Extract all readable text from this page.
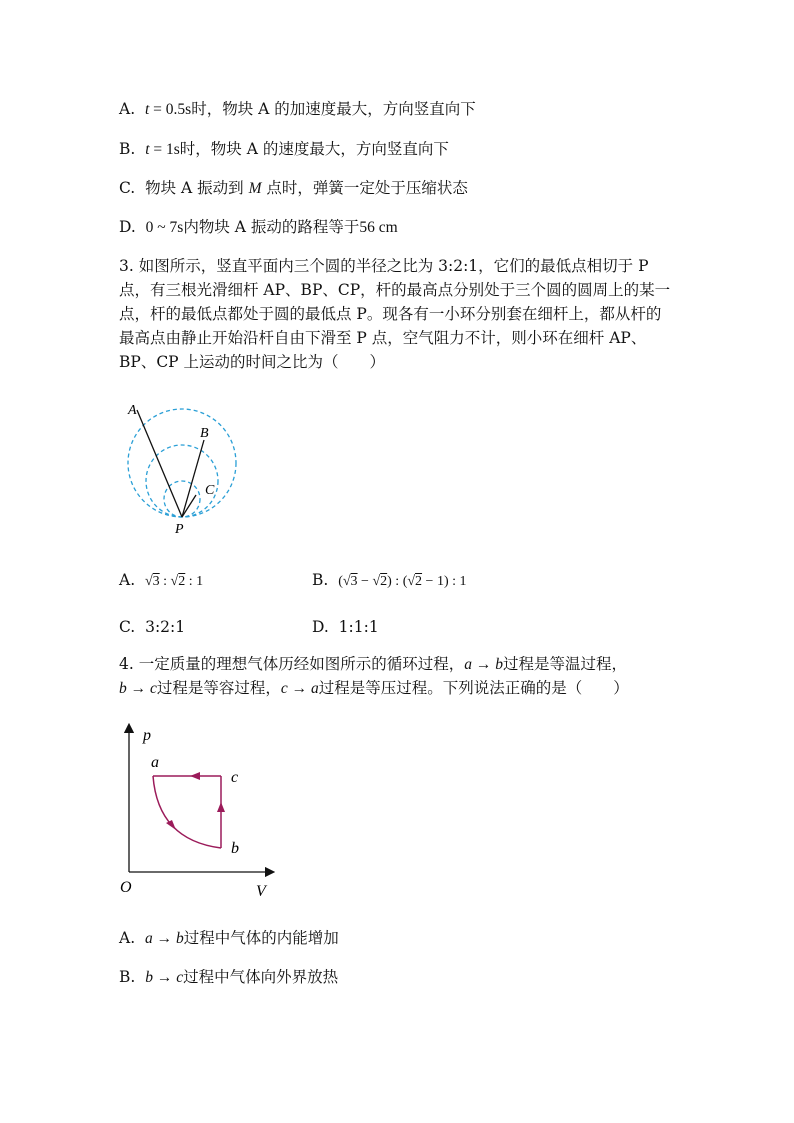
A. t = 0.5s时，物块 A 的加速度最大，方向竖直向下
B. t = 1s时，物块 A 的速度最大，方向竖直向下
C. 物块 A 振动到 M 点时，弹簧一定处于压缩状态
D. 0 ~ 7s内物块 A 振动的路程等于56 cm
3. 如图所示，竖直平面内三个圆的半径之比为 3:2:1，它们的最低点相切于 P
点，有三根光滑细杆 AP、BP、CP，杆的最高点分别处于三个圆的圆周上的某一
点，杆的最低点都处于圆的最低点 P。现各有一小环分别套在细杆上，都从杆的
最高点由静止开始沿杆自由下滑至 P 点，空气阻力不计，则小环在细杆 AP、
BP、CP 上运动的时间之比为（　　）
A
B
C
P
A. √3 : √2 : 1	B. (√3 − √2) : (√2 − 1) : 1
C. 3:2:1	D. 1:1:1
4. 一定质量的理想气体历经如图所示的循环过程，a → b过程是等温过程，
b → c过程是等容过程，c → a过程是等压过程。下列说法正确的是（　　）
p
V
O
a
c
b
A. a → b过程中气体的内能增加
B. b → c过程中气体向外界放热
